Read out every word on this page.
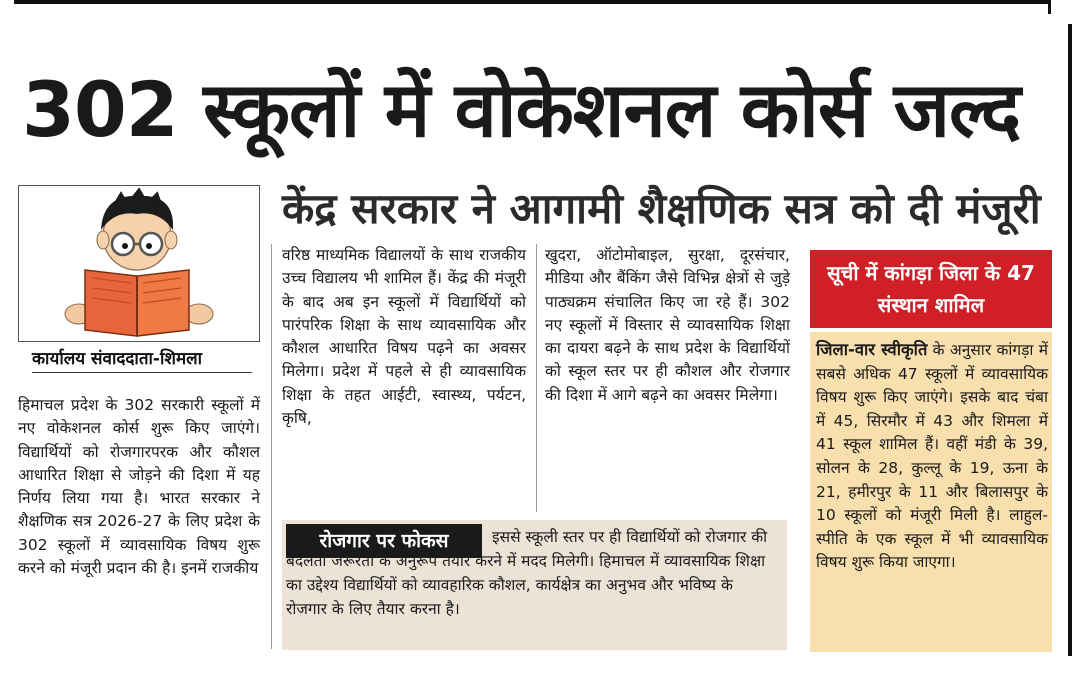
302 स्कूलों में वोकेशनल कोर्स जल्द
केंद्र सरकार ने आगामी शैक्षणिक सत्र को दी मंजूरी
कार्यालय संवाददाता-शिमला
हिमाचल प्रदेश के 302 सरकारी स्कूलों में नए वोकेशनल कोर्स शुरू किए जाएंगे। विद्यार्थियों को रोजगारपरक और कौशल आधारित शिक्षा से जोड़ने की दिशा में यह निर्णय लिया गया है। भारत सरकार ने शैक्षणिक सत्र 2026-27 के लिए प्रदेश के 302 स्कूलों में व्यावसायिक विषय शुरू करने को मंजूरी प्रदान की है। इनमें राजकीय
वरिष्ठ माध्यमिक विद्यालयों के साथ राजकीय उच्च विद्यालय भी शामिल हैं। केंद्र की मंजूरी के बाद अब इन स्कूलों में विद्यार्थियों को पारंपरिक शिक्षा के साथ व्यावसायिक और कौशल आधारित विषय पढ़ने का अवसर मिलेगा। प्रदेश में पहले से ही व्यावसायिक शिक्षा के तहत आईटी, स्वास्थ्य, पर्यटन, कृषि,
खुदरा, ऑटोमोबाइल, सुरक्षा, दूरसंचार, मीडिया और बैंकिंग जैसे विभिन्न क्षेत्रों से जुड़े पाठ्यक्रम संचालित किए जा रहे हैं। 302 नए स्कूलों में विस्तार से व्यावसायिक शिक्षा का दायरा बढ़ने के साथ प्रदेश के विद्यार्थियों को स्कूल स्तर पर ही कौशल और रोजगार की दिशा में आगे बढ़ने का अवसर मिलेगा।
रोजगार पर फोकस	इससे स्कूली स्तर पर ही विद्यार्थियों को रोजगार की बदलती जरूरतों के अनुरूप तैयार करने में मदद मिलेगी। हिमाचल में व्यावसायिक शिक्षा का उद्देश्य विद्यार्थियों को व्यावहारिक कौशल, कार्यक्षेत्र का अनुभव और भविष्य के रोजगार के लिए तैयार करना है।
सूची में कांगड़ा जिला के 47 संस्थान शामिल
जिला-वार स्वीकृति के अनुसार कांगड़ा में सबसे अधिक 47 स्कूलों में व्यावसायिक विषय शुरू किए जाएंगे। इसके बाद चंबा में 45, सिरमौर में 43 और शिमला में 41 स्कूल शामिल हैं। वहीं मंडी के 39, सोलन के 28, कुल्लू के 19, ऊना के 21, हमीरपुर के 11 और बिलासपुर के 10 स्कूलों को मंजूरी मिली है। लाहुल-स्पीति के एक स्कूल में भी व्यावसायिक विषय शुरू किया जाएगा।
